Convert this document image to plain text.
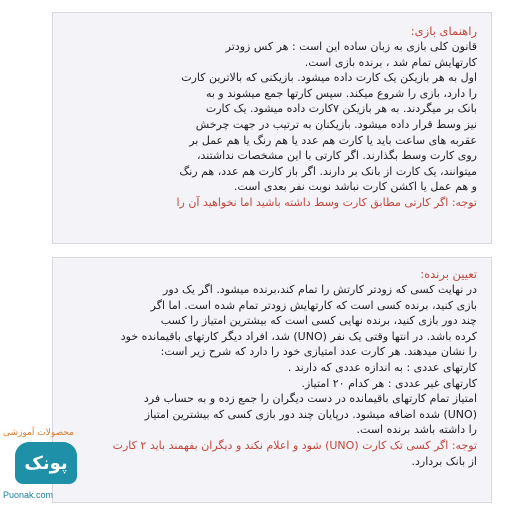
راهنمای بازی:

قانون کلی بازی به زبان ساده این است : هر کس زودتر

کارتهایش تمام شد ، برنده بازی است.

اول به هر بازیکن یک کارت داده میشود. بازیکنی که بالاترین کارت

را دارد، بازی را شروع میکند. سپس کارتها جمع میشوند و به

بانک بر میگردند. به هر بازیکن ۷کارت داده میشود. یک کارت

نیز وسط قرار داده میشود. بازیکنان به ترتیب در جهت چرخش

عقربه های ساعت باید یا کارت هم عدد یا هم رنگ یا هم عمل بر

روی کارت وسط بگذارند. اگر کارتی با این مشخصات نداشتند،

میتوانند، یک کارت از بانک بر دارند. اگر باز کارت هم عدد، هم رنگ

و هم عمل یا اکشن کارت نباشد نوبت نفر بعدی است.

توجه: اگر کارتی مطابق کارت وسط داشته باشید اما نخواهید آن را

تعیین برنده:

در نهایت کسی که زودتر کارتش را تمام کند،برنده میشود. اگر یک دور

بازی کنید، برنده کسی است که کارتهایش زودتر تمام شده است. اما اگر

چند دور بازی کنید، برنده نهایی کسی است که بیشترین امتیاز را کسب

کرده باشد. در انتها وقتی یک نفر (UNO) شد، افراد دیگر کارتهای باقیمانده خود

را نشان میدهند. هر کارت عدد امتیازی خود را دارد که شرح زیر است:

کارتهای عددی : به اندازه عددی که دارند .

کارتهای غیر عددی : هر کدام ۲۰ امتیاز.

امتیاز تمام کارتهای باقیمانده در دست دیگران را جمع زده و به حساب فرد

(UNO) شده اضافه میشود. درپایان چند دور بازی کسی که بیشترین امتیاز

را داشته باشد برنده است.

توجه: اگر کسی تک کارت (UNO) شود و اعلام نکند و دیگران بفهمند باید ۲ کارت

از بانک بردارد.

محصولات آموزشی
پونک
Puonak.com
